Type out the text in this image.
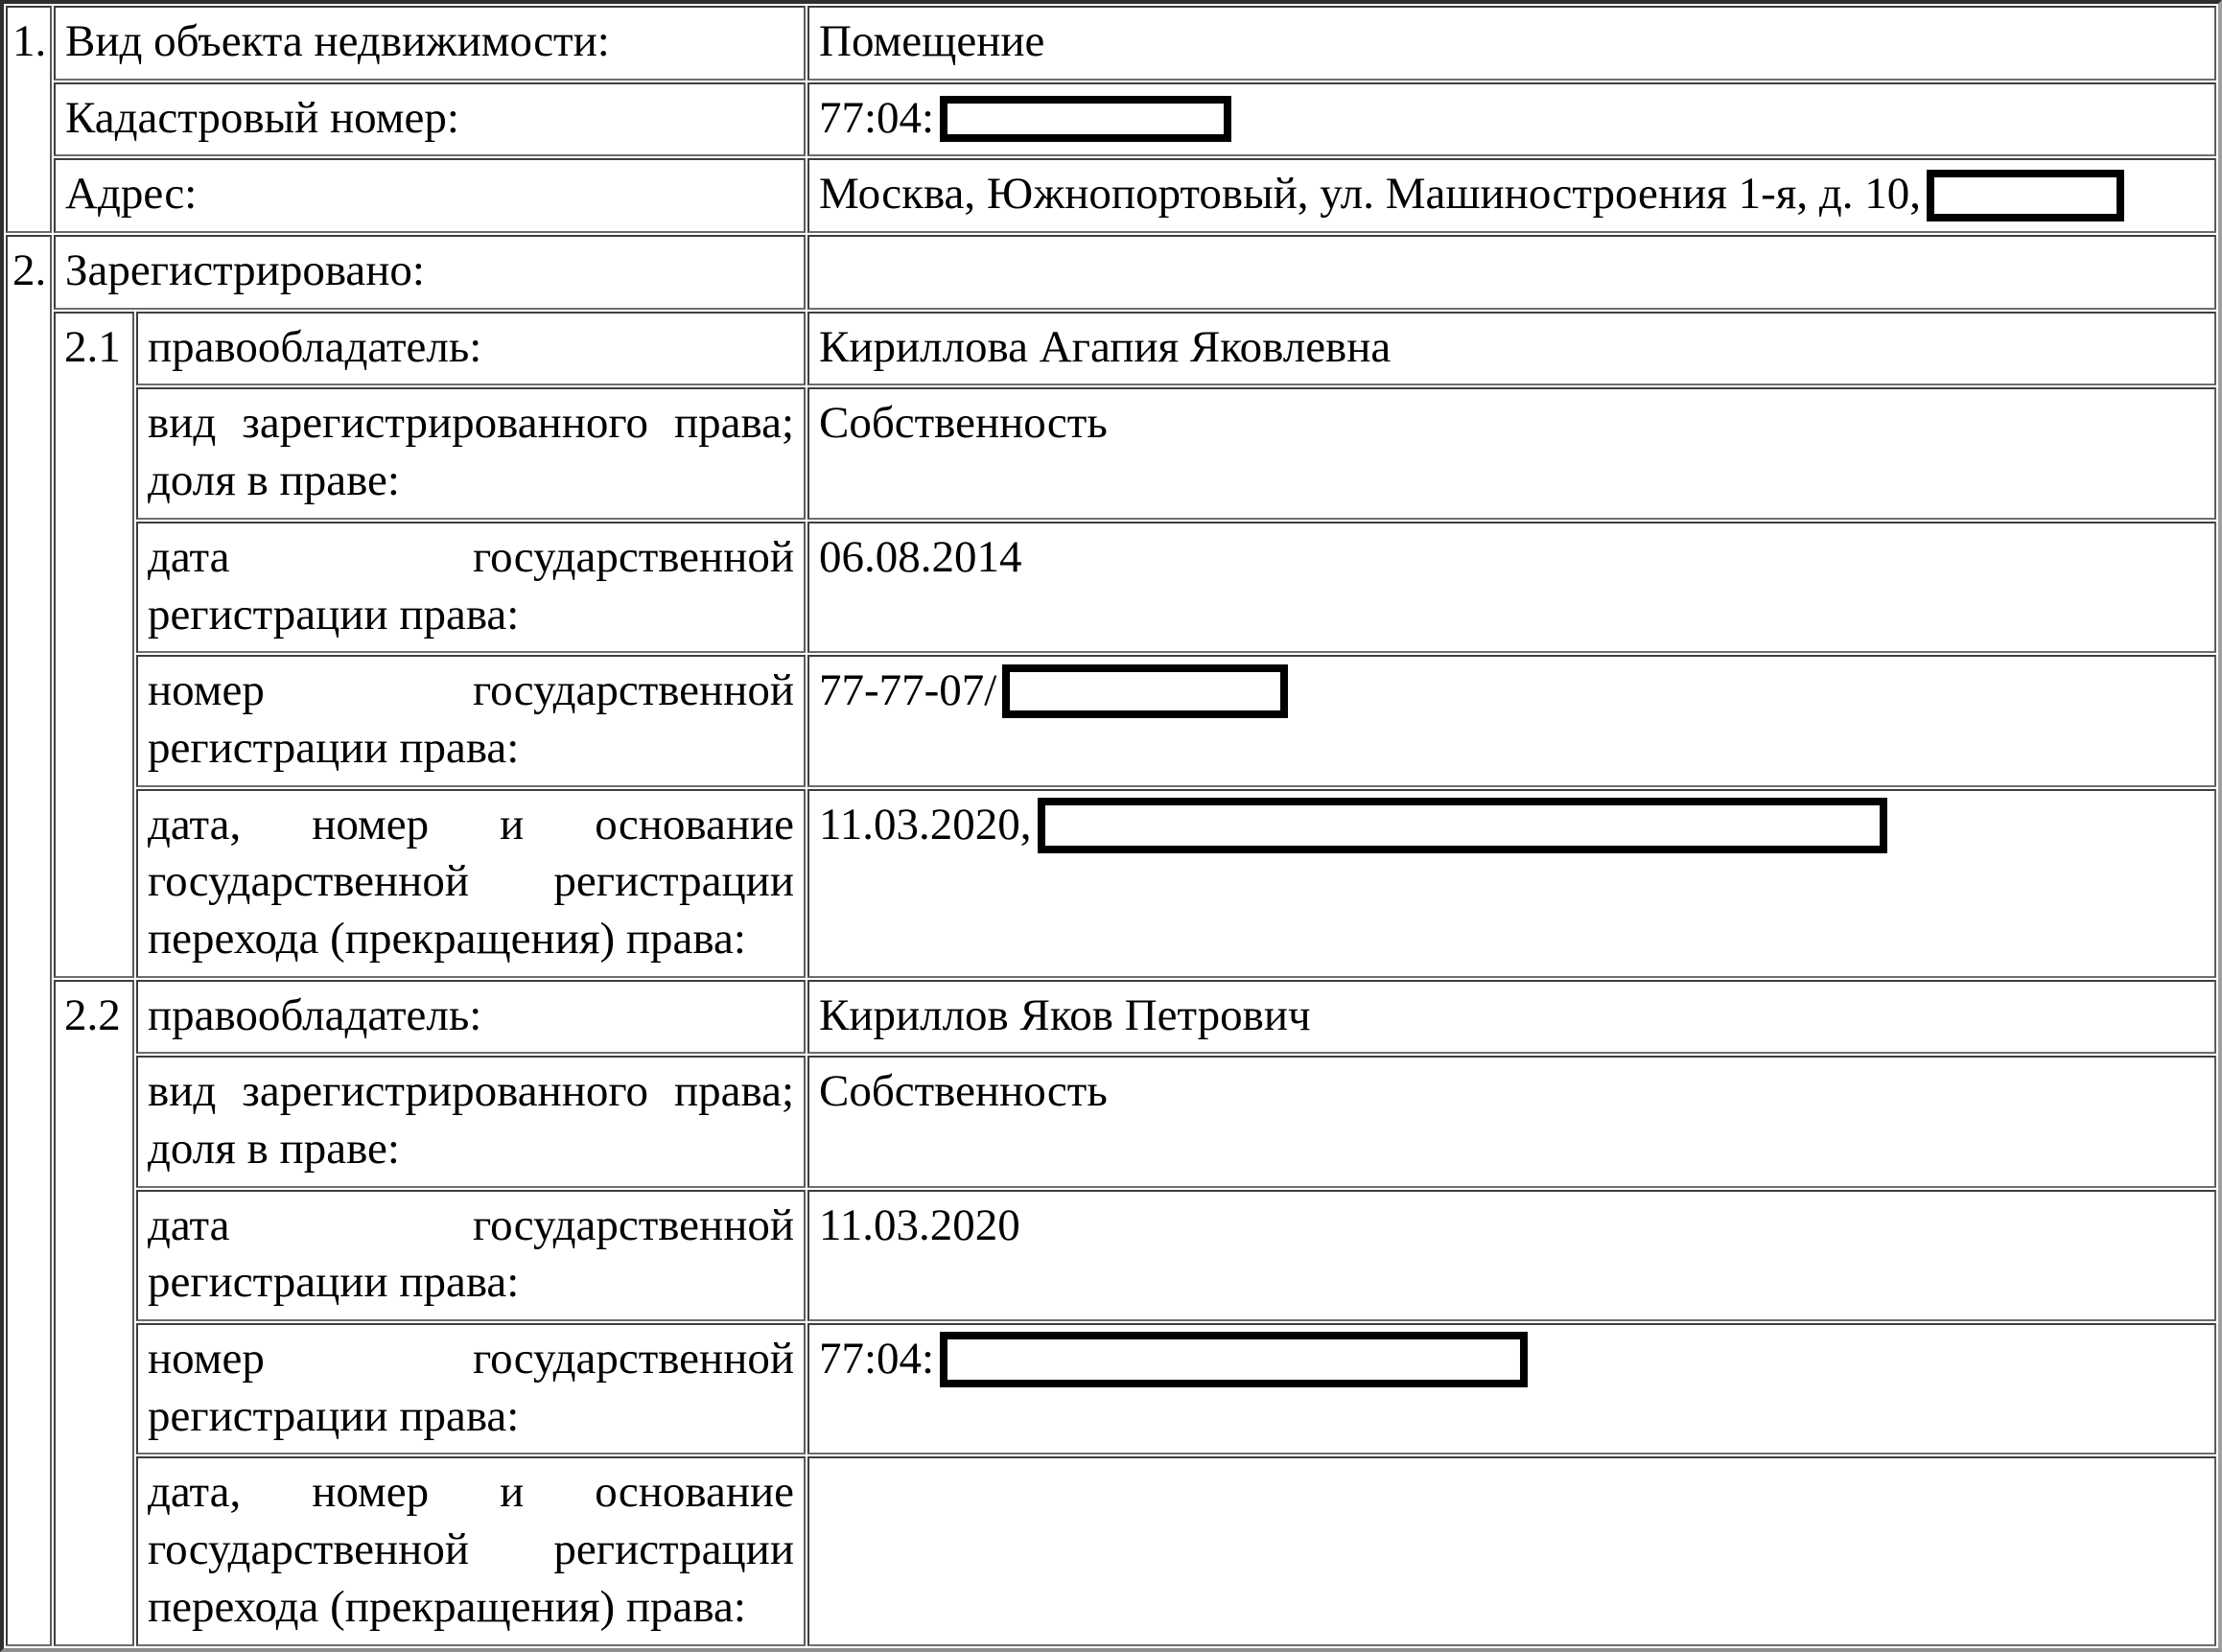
1.	Вид объекта недвижимости:		Помещение
	Кадастровый номер:		77:04:
	Адрес:		Москва, Южнопортовый, ул. Машиностроения 1-я, д. 10,
2.	Зарегистрировано:		
	2.1	правообладатель:	Кириллова Агапия Яковлевна
		вид зарегистрированного права; доля в праве:	Собственность
		дата государственной регистрации права:	06.08.2014
		номер государственной регистрации права:	77-77-07/
		дата, номер и основание государственной регистрации перехода (прекращения) права:	11.03.2020,
	2.2	правообладатель:	Кириллов Яков Петрович
		вид зарегистрированного права; доля в праве:	Собственность
		дата государственной регистрации права:	11.03.2020
		номер государственной регистрации права:	77:04:
		дата, номер и основание государственной регистрации перехода (прекращения) права:	
